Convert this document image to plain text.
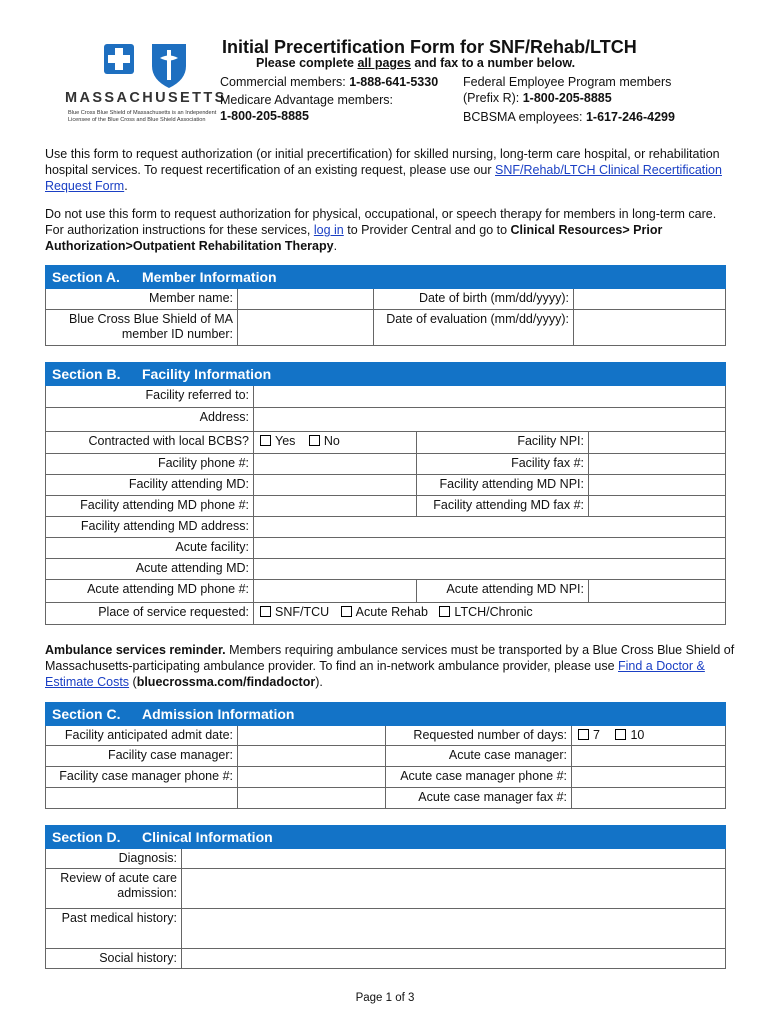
MASSACHUSETTS
Blue Cross Blue Shield of Massachusetts is an Independent Licensee of the Blue Cross and Blue Shield Association
Initial Precertification Form for SNF/Rehab/LTCH
Please complete all pages and fax to a number below.
Commercial members: 1-888-641-5330
Medicare Advantage members:
1-800-205-8885
Federal Employee Program members
(Prefix R): 1-800-205-8885
BCBSMA employees: 1-617-246-4299
Use this form to request authorization (or initial precertification) for skilled nursing, long-term care hospital, or rehabilitation hospital services. To request recertification of an existing request, please use our SNF/Rehab/LTCH Clinical Recertification Request Form.
Do not use this form to request authorization for physical, occupational, or speech therapy for members in long-term care. For authorization instructions for these services, log in to Provider Central and go to Clinical Resources> Prior Authorization>Outpatient Rehabilitation Therapy.
Section A. Member Information			
Member name:		Date of birth (mm/dd/yyyy):	
Blue Cross Blue Shield of MA member ID number:		Date of evaluation (mm/dd/yyyy):	
Section B. Facility Information			
Facility referred to:			
Address:			
Contracted with local BCBS?	Yes No	Facility NPI:	
Facility phone #:		Facility fax #:	
Facility attending MD:		Facility attending MD NPI:	
Facility attending MD phone #:		Facility attending MD fax #:	
Facility attending MD address:			
Acute facility:			
Acute attending MD:			
Acute attending MD phone #:		Acute attending MD NPI:	
Place of service requested:	SNF/TCU Acute Rehab LTCH/Chronic		
Ambulance services reminder. Members requiring ambulance services must be transported by a Blue Cross Blue Shield of Massachusetts-participating ambulance provider. To find an in-network ambulance provider, please use Find a Doctor & Estimate Costs (bluecrossma.com/findadoctor).
Section C. Admission Information			
Facility anticipated admit date:		Requested number of days:	7 10
Facility case manager:		Acute case manager:	
Facility case manager phone #:		Acute case manager phone #:	
		Acute case manager fax #:	
Section D. Clinical Information	
Diagnosis:	
Review of acute care admission:	
Past medical history:	
Social history:	
Page 1 of 3
